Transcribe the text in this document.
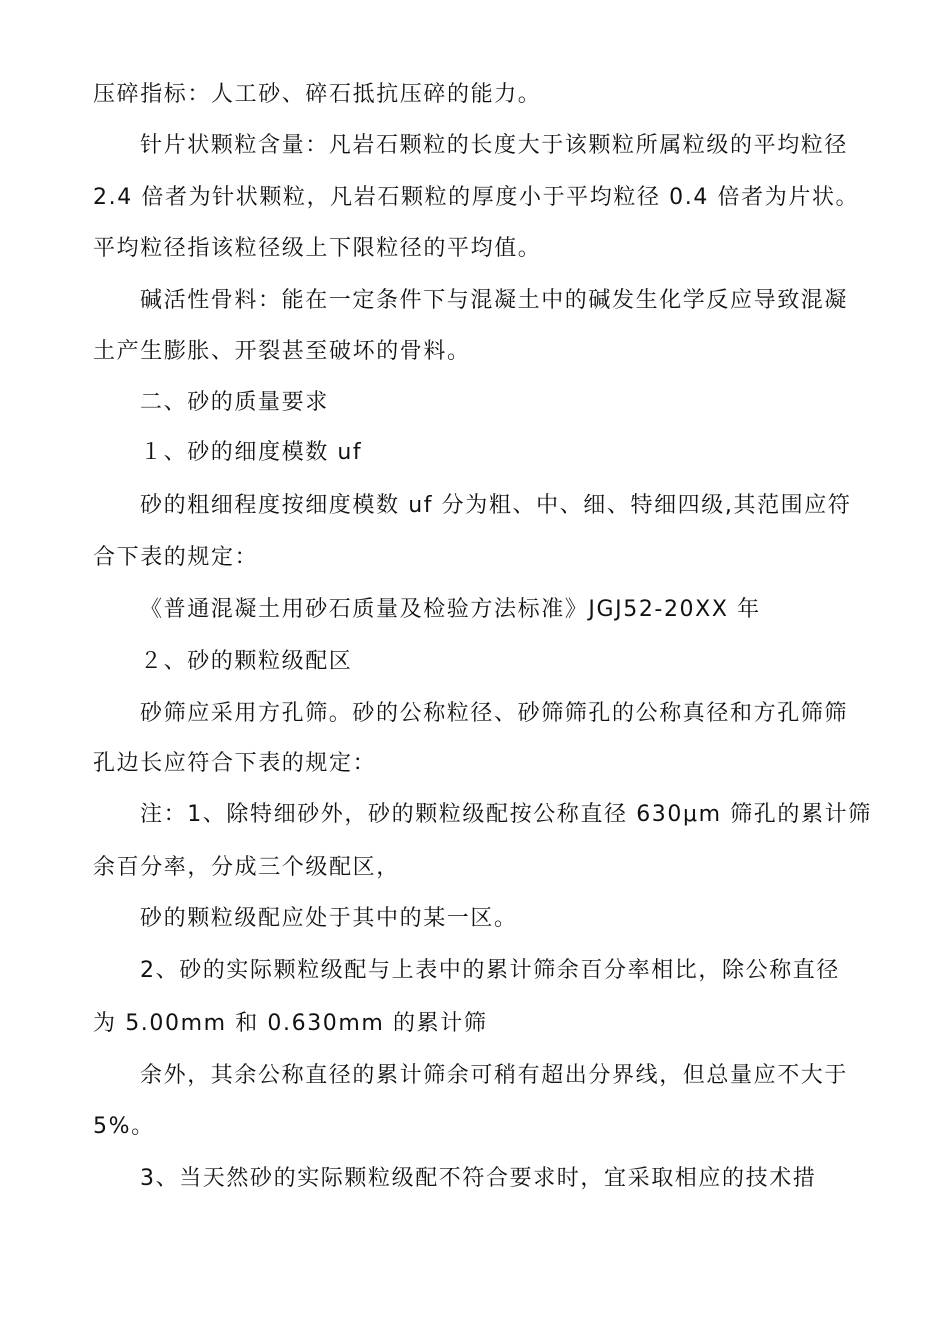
压碎指标：人工砂、碎石抵抗压碎的能力。
针片状颗粒含量：凡岩石颗粒的长度大于该颗粒所属粒级的平均粒径
2.4 倍者为针状颗粒，凡岩石颗粒的厚度小于平均粒径 0.4 倍者为片状。
平均粒径指该粒径级上下限粒径的平均值。
碱活性骨料：能在一定条件下与混凝土中的碱发生化学反应导致混凝
土产生膨胀、开裂甚至破坏的骨料。
二、砂的质量要求
１、砂的细度模数 uf
砂的粗细程度按细度模数 uf 分为粗、中、细、特细四级,其范围应符
合下表的规定：
《普通混凝土用砂石质量及检验方法标准》JGJ52-20XX 年
２、砂的颗粒级配区
砂筛应采用方孔筛。砂的公称粒径、砂筛筛孔的公称真径和方孔筛筛
孔边长应符合下表的规定：
注：1、除特细砂外，砂的颗粒级配按公称直径 630μm 筛孔的累计筛
余百分率，分成三个级配区，
砂的颗粒级配应处于其中的某一区。
2、砂的实际颗粒级配与上表中的累计筛余百分率相比，除公称直径
为 5.00mm 和 0.630mm 的累计筛
余外，其余公称直径的累计筛余可稍有超出分界线，但总量应不大于
5%。
3、当天然砂的实际颗粒级配不符合要求时，宜采取相应的技术措
